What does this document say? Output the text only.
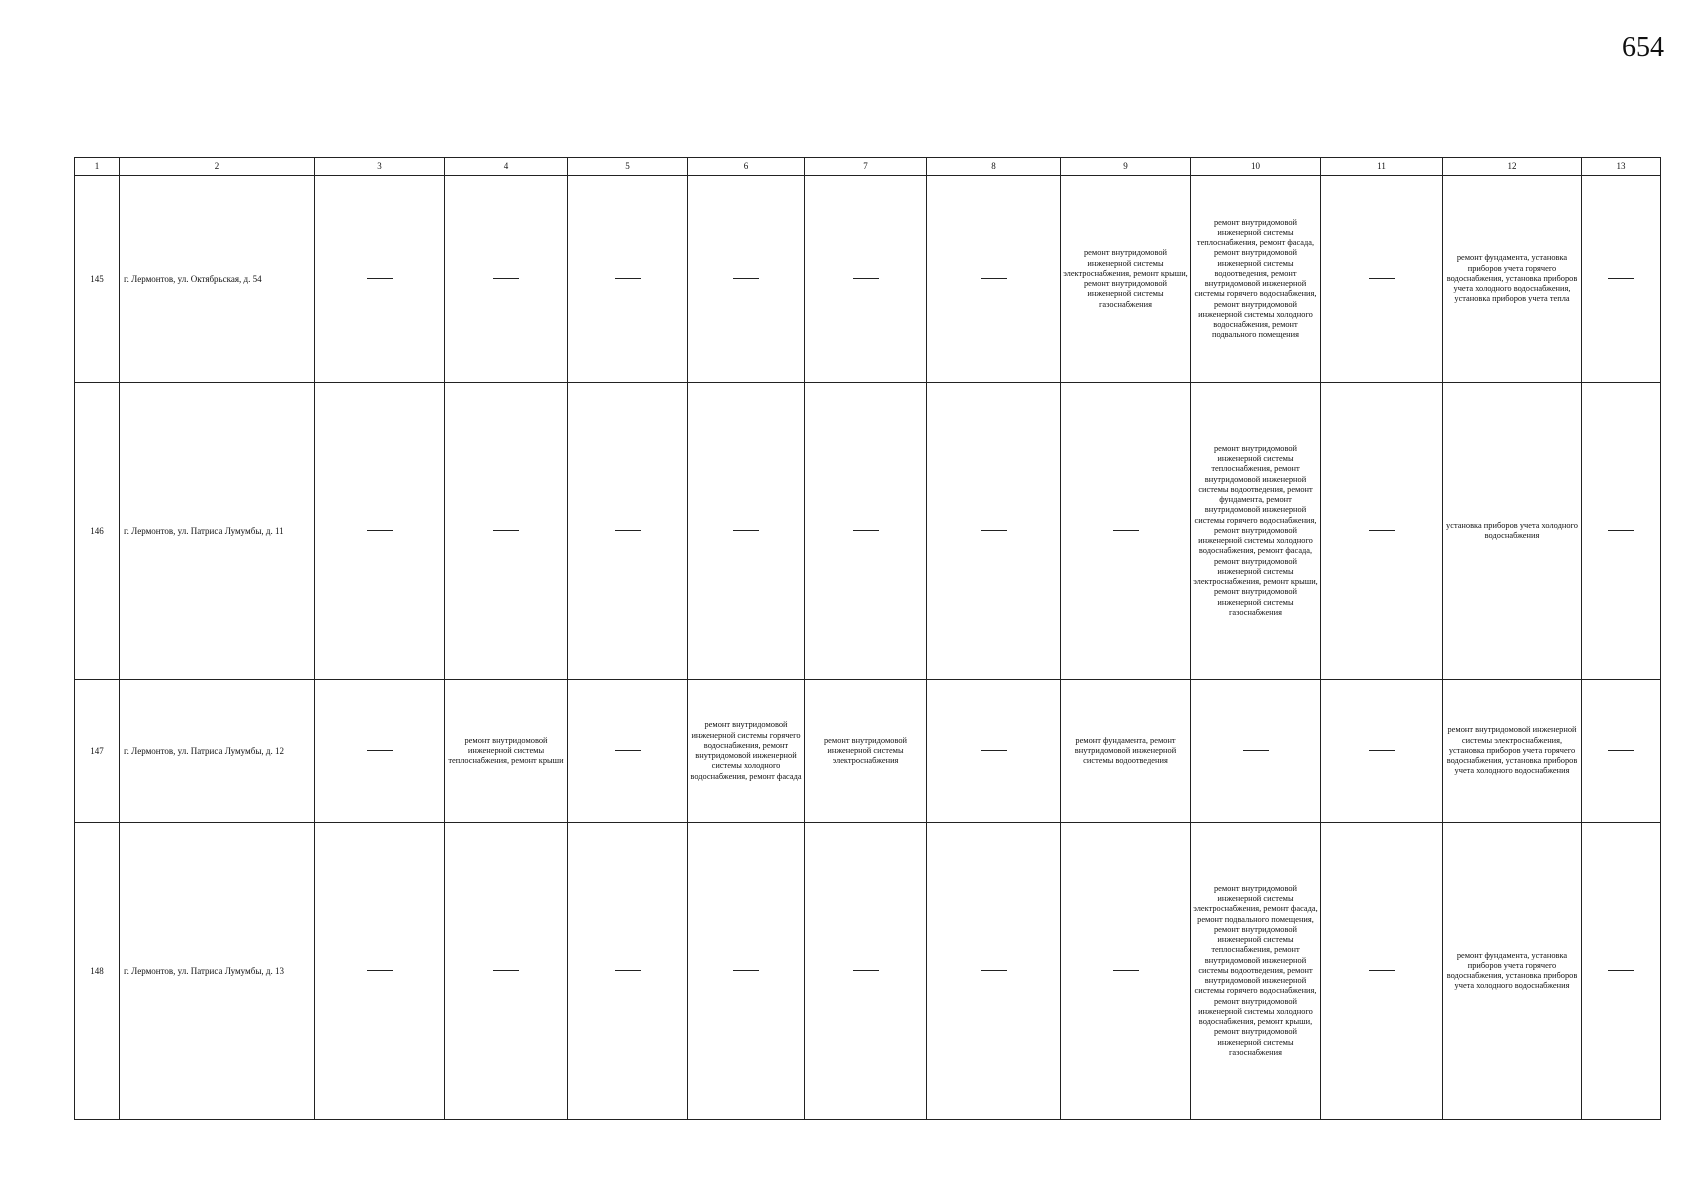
654
1	2	3	4	5	6	7	8	9	10	11	12	13
145	г. Лермонтов, ул. Октябрьская, д. 54							ремонт внутридомовой инженерной системы электроснабжения, ремонт крыши, ремонт внутридомовой инженерной системы газоснабжения	ремонт внутридомовой инженерной системы теплоснабжения, ремонт фасада, ремонт внутридомовой инженерной системы водоотведения, ремонт внутридомовой инженерной системы горячего водоснабжения, ремонт внутридомовой инженерной системы холодного водоснабжения, ремонт подвального помещения		ремонт фундамента, установка приборов учета горячего водоснабжения, установка приборов учета холодного водоснабжения, установка приборов учета тепла	
146	г. Лермонтов, ул. Патриса Лумумбы, д. 11								ремонт внутридомовой инженерной системы теплоснабжения, ремонт внутридомовой инженерной системы водоотведения, ремонт фундамента, ремонт внутридомовой инженерной системы горячего водоснабжения, ремонт внутридомовой инженерной системы холодного водоснабжения, ремонт фасада, ремонт внутридомовой инженерной системы электроснабжения, ремонт крыши, ремонт внутридомовой инженерной системы газоснабжения		установка приборов учета холодного водоснабжения	
147	г. Лермонтов, ул. Патриса Лумумбы, д. 12		ремонт внутридомовой инженерной системы теплоснабжения, ремонт крыши		ремонт внутридомовой инженерной системы горячего водоснабжения, ремонт внутридомовой инженерной системы холодного водоснабжения, ремонт фасада	ремонт внутридомовой инженерной системы электроснабжения		ремонт фундамента, ремонт внутридомовой инженерной системы водоотведения			ремонт внутридомовой инженерной системы электроснабжения, установка приборов учета горячего водоснабжения, установка приборов учета холодного водоснабжения	
148	г. Лермонтов, ул. Патриса Лумумбы, д. 13								ремонт внутридомовой инженерной системы электроснабжения, ремонт фасада, ремонт подвального помещения, ремонт внутридомовой инженерной системы теплоснабжения, ремонт внутридомовой инженерной системы водоотведения, ремонт внутридомовой инженерной системы горячего водоснабжения, ремонт внутридомовой инженерной системы холодного водоснабжения, ремонт крыши, ремонт внутридомовой инженерной системы газоснабжения		ремонт фундамента, установка приборов учета горячего водоснабжения, установка приборов учета холодного водоснабжения	
